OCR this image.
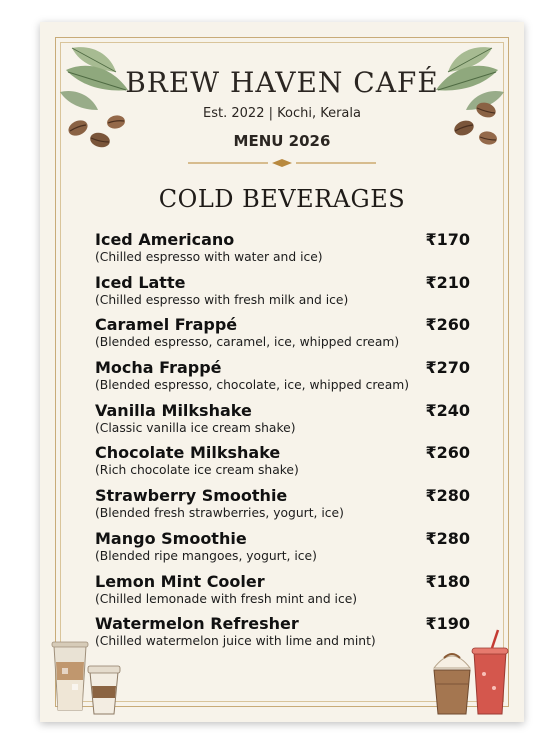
BREW HAVEN CAFÉ
Est. 2022 | Kochi, Kerala
MENU 2026
COLD BEVERAGES
Iced Americano	₹170
(Chilled espresso with water and ice)
Iced Latte	₹210
(Chilled espresso with fresh milk and ice)
Caramel Frappé	₹260
(Blended espresso, caramel, ice, whipped cream)
Mocha Frappé	₹270
(Blended espresso, chocolate, ice, whipped cream)
Vanilla Milkshake	₹240
(Classic vanilla ice cream shake)
Chocolate Milkshake	₹260
(Rich chocolate ice cream shake)
Strawberry Smoothie	₹280
(Blended fresh strawberries, yogurt, ice)
Mango Smoothie	₹280
(Blended ripe mangoes, yogurt, ice)
Lemon Mint Cooler	₹180
(Chilled lemonade with fresh mint and ice)
Watermelon Refresher	₹190
(Chilled watermelon juice with lime and mint)
